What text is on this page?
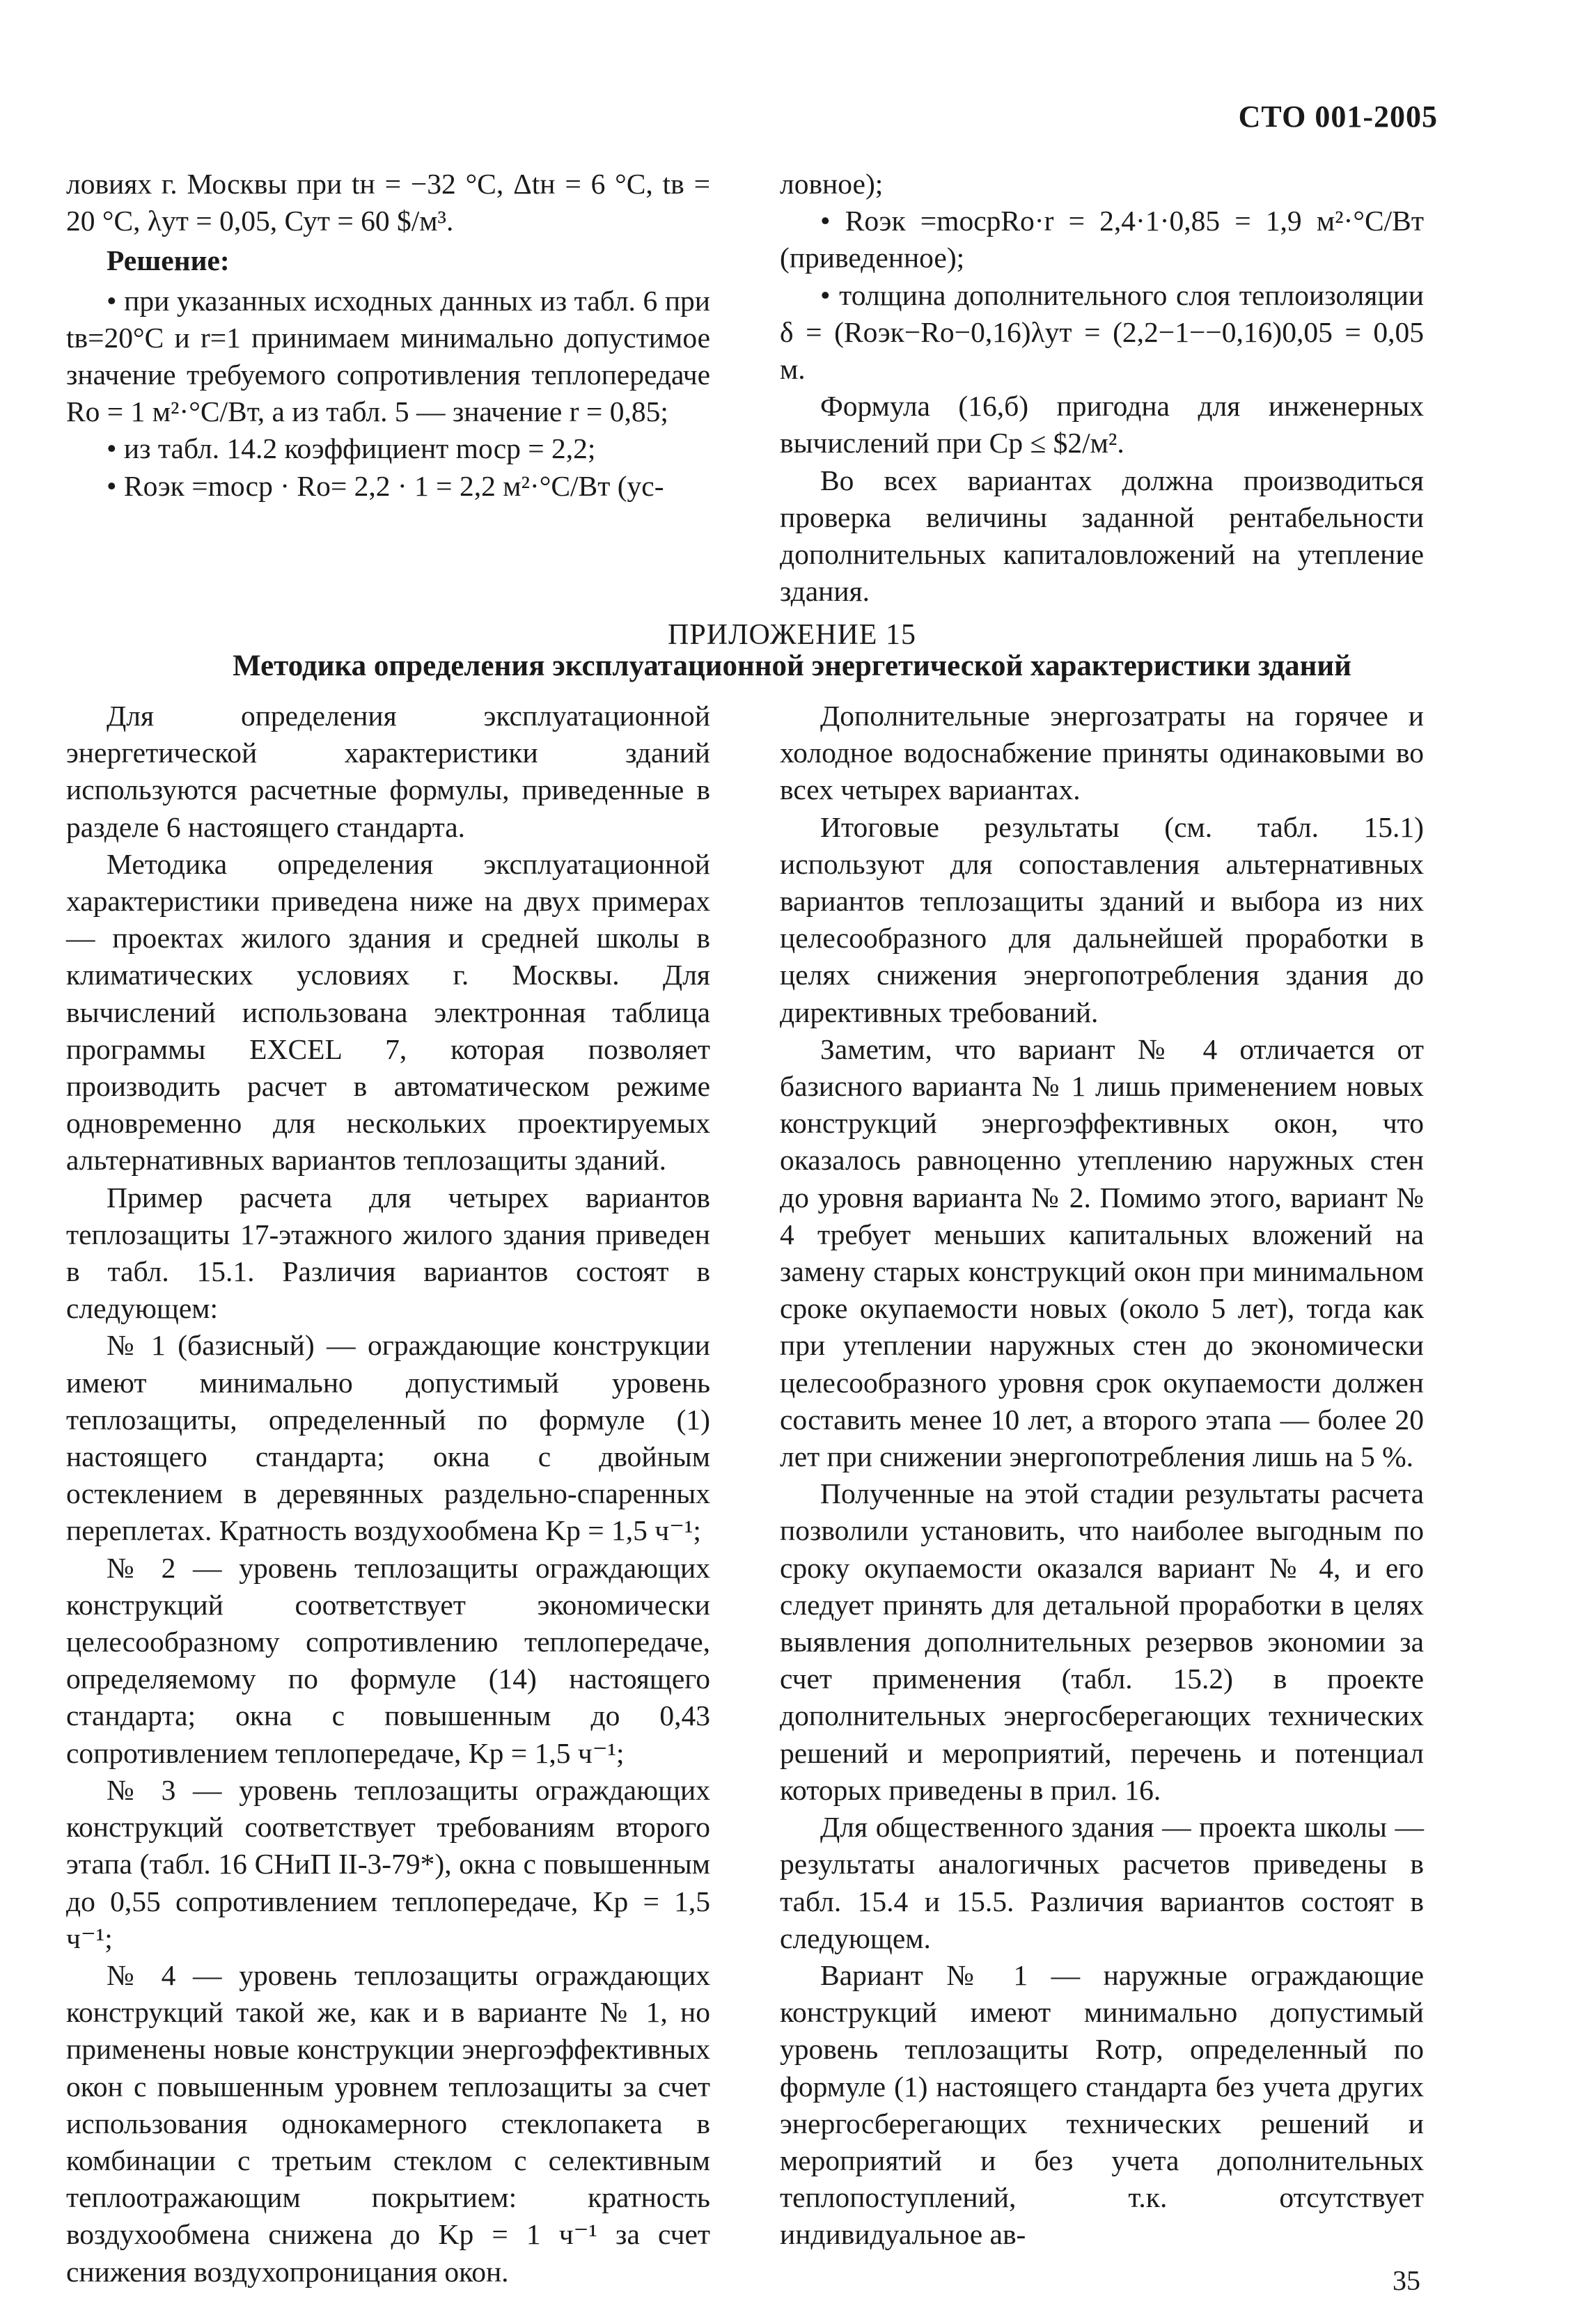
СТО 001-2005

ловиях г. Москвы при tн = −32 °С, Δtн = 6 °С, tв = 20 °С, λут = 0,05, Сут = 60 $/м³.

Решение:

• при указанных исходных данных из табл. 6 при tв=20°С и r=1 принимаем минимально допустимое значение требуемого сопротивления теплопередаче Rо = 1 м²·°С/Вт, а из табл. 5 — значение r = 0,85;

• из табл. 14.2 коэффициент mосp = 2,2;

• Rоэк =mоср · Rо= 2,2 · 1 = 2,2 м²·°С/Вт (ус-

ловное);

• Rоэк =mоcpRо·r = 2,4·1·0,85 = 1,9 м²·°С/Вт (приведенное);

• толщина дополнительного слоя теплоизоляции δ = (Rоэк−Rо−0,16)λут = (2,2−1−−0,16)0,05 = 0,05 м.

Формула (16,б) пригодна для инженерных вычислений при Ср ≤ $2/м².

Во всех вариантах должна производиться проверка величины заданной рентабельности дополнительных капиталовложений на утепление здания.

ПРИЛОЖЕНИЕ 15
Методика определения эксплуатационной энергетической характеристики зданий

Для определения эксплуатационной энергетической характеристики зданий используются расчетные формулы, приведенные в разделе 6 настоящего стандарта.

Методика определения эксплуатационной характеристики приведена ниже на двух примерах — проектах жилого здания и средней школы в климатических условиях г. Москвы. Для вычислений использована электронная таблица программы EXCEL 7, которая позволяет производить расчет в автоматическом режиме одновременно для нескольких проектируемых альтернативных вариантов теплозащиты зданий.

Пример расчета для четырех вариантов теплозащиты 17-этажного жилого здания приведен в табл. 15.1. Различия вариантов состоят в следующем:

№ 1 (базисный) — ограждающие конструкции имеют минимально допустимый уровень теплозащиты, определенный по формуле (1) настоящего стандарта; окна с двойным остеклением в деревянных раздельно-спаренных переплетах. Кратность воздухообмена Kр = 1,5 ч⁻¹;

№ 2 — уровень теплозащиты ограждающих конструкций соответствует экономически целесообразному сопротивлению теплопередаче, определяемому по формуле (14) настоящего стандарта; окна с повышенным до 0,43 сопротивлением теплопередаче, Kр = 1,5 ч⁻¹;

№ 3 — уровень теплозащиты ограждающих конструкций соответствует требованиям второго этапа (табл. 16 СНиП II-3-79*), окна с повышенным до 0,55 сопротивлением теплопередаче, Kр = 1,5 ч⁻¹;

№ 4 — уровень теплозащиты ограждающих конструкций такой же, как и в варианте № 1, но применены новые конструкции энергоэффективных окон с повышенным уровнем теплозащиты за счет использования однокамерного стеклопакета в комбинации с третьим стеклом с селективным теплоотражающим покрытием: кратность воздухообмена снижена до Kр = 1 ч⁻¹ за счет снижения воздухопроницания окон.

Дополнительные энергозатраты на горячее и холодное водоснабжение приняты одинаковыми во всех четырех вариантах.

Итоговые результаты (см. табл. 15.1) используют для сопоставления альтернативных вариантов теплозащиты зданий и выбора из них целесообразного для дальнейшей проработки в целях снижения энергопотребления здания до директивных требований.

Заметим, что вариант № 4 отличается от базисного варианта № 1 лишь применением новых конструкций энергоэффективных окон, что оказалось равноценно утеплению наружных стен до уровня варианта № 2. Помимо этого, вариант № 4 требует меньших капитальных вложений на замену старых конструкций окон при минимальном сроке окупаемости новых (около 5 лет), тогда как при утеплении наружных стен до экономически целесообразного уровня срок окупаемости должен составить менее 10 лет, а второго этапа — более 20 лет при снижении энергопотребления лишь на 5 %.

Полученные на этой стадии результаты расчета позволили установить, что наиболее выгодным по сроку окупаемости оказался вариант № 4, и его следует принять для детальной проработки в целях выявления дополнительных резервов экономии за счет применения (табл. 15.2) в проекте дополнительных энергосберегающих технических решений и мероприятий, перечень и потенциал которых приведены в прил. 16.

Для общественного здания — проекта школы — результаты аналогичных расчетов приведены в табл. 15.4 и 15.5. Различия вариантов состоят в следующем.

Вариант № 1 — наружные ограждающие конструкций имеют минимально допустимый уровень теплозащиты Rотр, определенный по формуле (1) настоящего стандарта без учета других энергосберегающих технических решений и мероприятий и без учета дополнительных теплопоступлений, т.к. отсутствует индивидуальное ав-

35
